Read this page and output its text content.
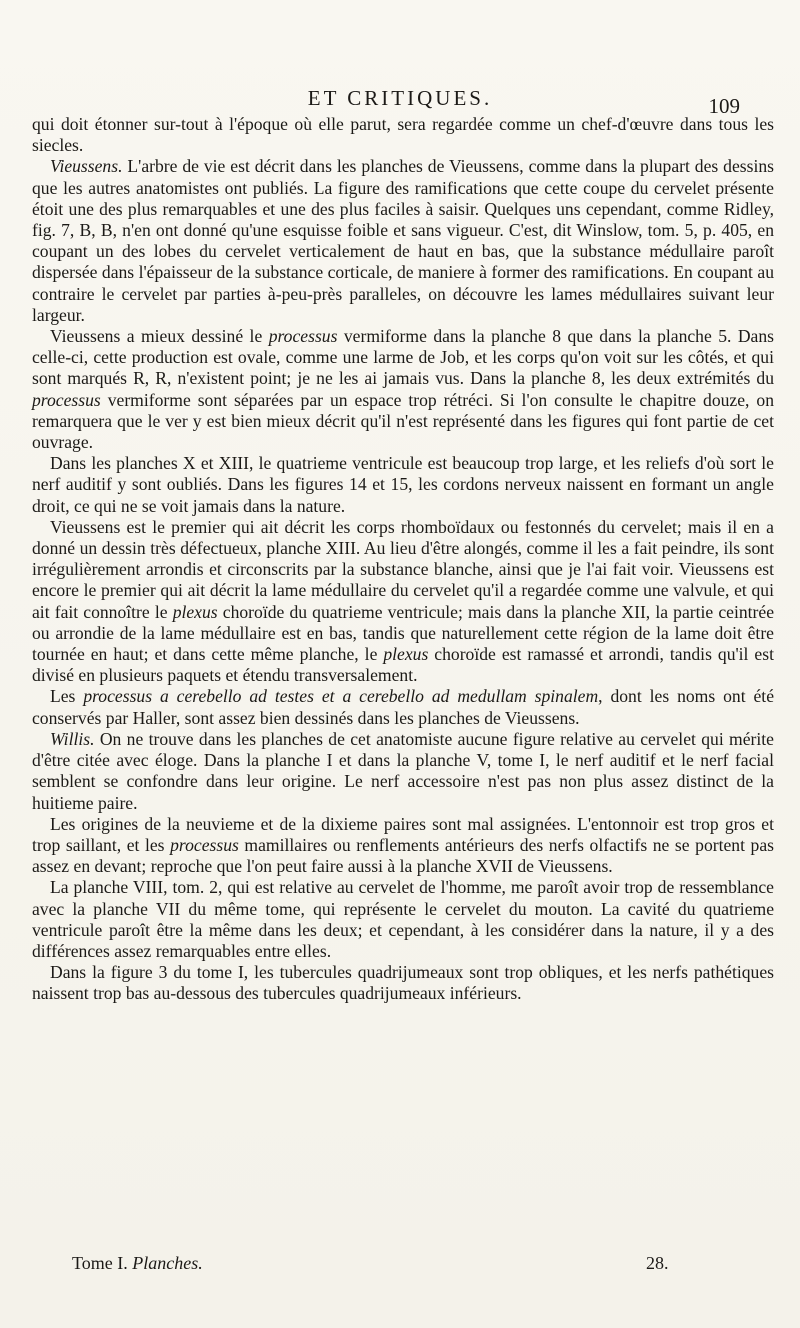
ET CRITIQUES.	109

qui doit étonner sur-tout à l'époque où elle parut, sera regardée comme un chef-d'œuvre dans tous les siecles.

Vieussens. L'arbre de vie est décrit dans les planches de Vieussens, comme dans la plupart des dessins que les autres anatomistes ont publiés. La figure des ramifications que cette coupe du cervelet présente étoit une des plus remarquables et une des plus faciles à saisir. Quelques uns cependant, comme Ridley, fig. 7, B, B, n'en ont donné qu'une esquisse foible et sans vigueur. C'est, dit Winslow, tom. 5, p. 405, en coupant un des lobes du cervelet verticalement de haut en bas, que la substance médullaire paroît dispersée dans l'épaisseur de la substance corticale, de maniere à former des ramifications. En coupant au contraire le cervelet par parties à-peu-près paralleles, on découvre les lames médullaires suivant leur largeur.

Vieussens a mieux dessiné le processus vermiforme dans la planche 8 que dans la planche 5. Dans celle-ci, cette production est ovale, comme une larme de Job, et les corps qu'on voit sur les côtés, et qui sont marqués R, R, n'existent point; je ne les ai jamais vus. Dans la planche 8, les deux extrémités du processus vermiforme sont séparées par un espace trop rétréci. Si l'on consulte le chapitre douze, on remarquera que le ver y est bien mieux décrit qu'il n'est représenté dans les figures qui font partie de cet ouvrage.

Dans les planches X et XIII, le quatrieme ventricule est beaucoup trop large, et les reliefs d'où sort le nerf auditif y sont oubliés. Dans les figures 14 et 15, les cordons nerveux naissent en formant un angle droit, ce qui ne se voit jamais dans la nature.

Vieussens est le premier qui ait décrit les corps rhomboïdaux ou festonnés du cervelet; mais il en a donné un dessin très défectueux, planche XIII. Au lieu d'être alongés, comme il les a fait peindre, ils sont irrégulièrement arrondis et circonscrits par la substance blanche, ainsi que je l'ai fait voir. Vieussens est encore le premier qui ait décrit la lame médullaire du cervelet qu'il a regardée comme une valvule, et qui ait fait connoître le plexus choroïde du quatrieme ventricule; mais dans la planche XII, la partie ceintrée ou arrondie de la lame médullaire est en bas, tandis que naturellement cette région de la lame doit être tournée en haut; et dans cette même planche, le plexus choroïde est ramassé et arrondi, tandis qu'il est divisé en plusieurs paquets et étendu transversalement.

Les processus a cerebello ad testes et a cerebello ad medullam spinalem, dont les noms ont été conservés par Haller, sont assez bien dessinés dans les planches de Vieussens.

Willis. On ne trouve dans les planches de cet anatomiste aucune figure relative au cervelet qui mérite d'être citée avec éloge. Dans la planche I et dans la planche V, tome I, le nerf auditif et le nerf facial semblent se confondre dans leur origine. Le nerf accessoire n'est pas non plus assez distinct de la huitieme paire.

Les origines de la neuvieme et de la dixieme paires sont mal assignées. L'entonnoir est trop gros et trop saillant, et les processus mamillaires ou renflements antérieurs des nerfs olfactifs ne se portent pas assez en devant; reproche que l'on peut faire aussi à la planche XVII de Vieussens.

La planche VIII, tom. 2, qui est relative au cervelet de l'homme, me paroît avoir trop de ressemblance avec la planche VII du même tome, qui représente le cervelet du mouton. La cavité du quatrieme ventricule paroît être la même dans les deux; et cependant, à les considérer dans la nature, il y a des différences assez remarquables entre elles.

Dans la figure 3 du tome I, les tubercules quadrijumeaux sont trop obliques, et les nerfs pathétiques naissent trop bas au-dessous des tubercules quadrijumeaux inférieurs.

Tome I. Planches.	28.
